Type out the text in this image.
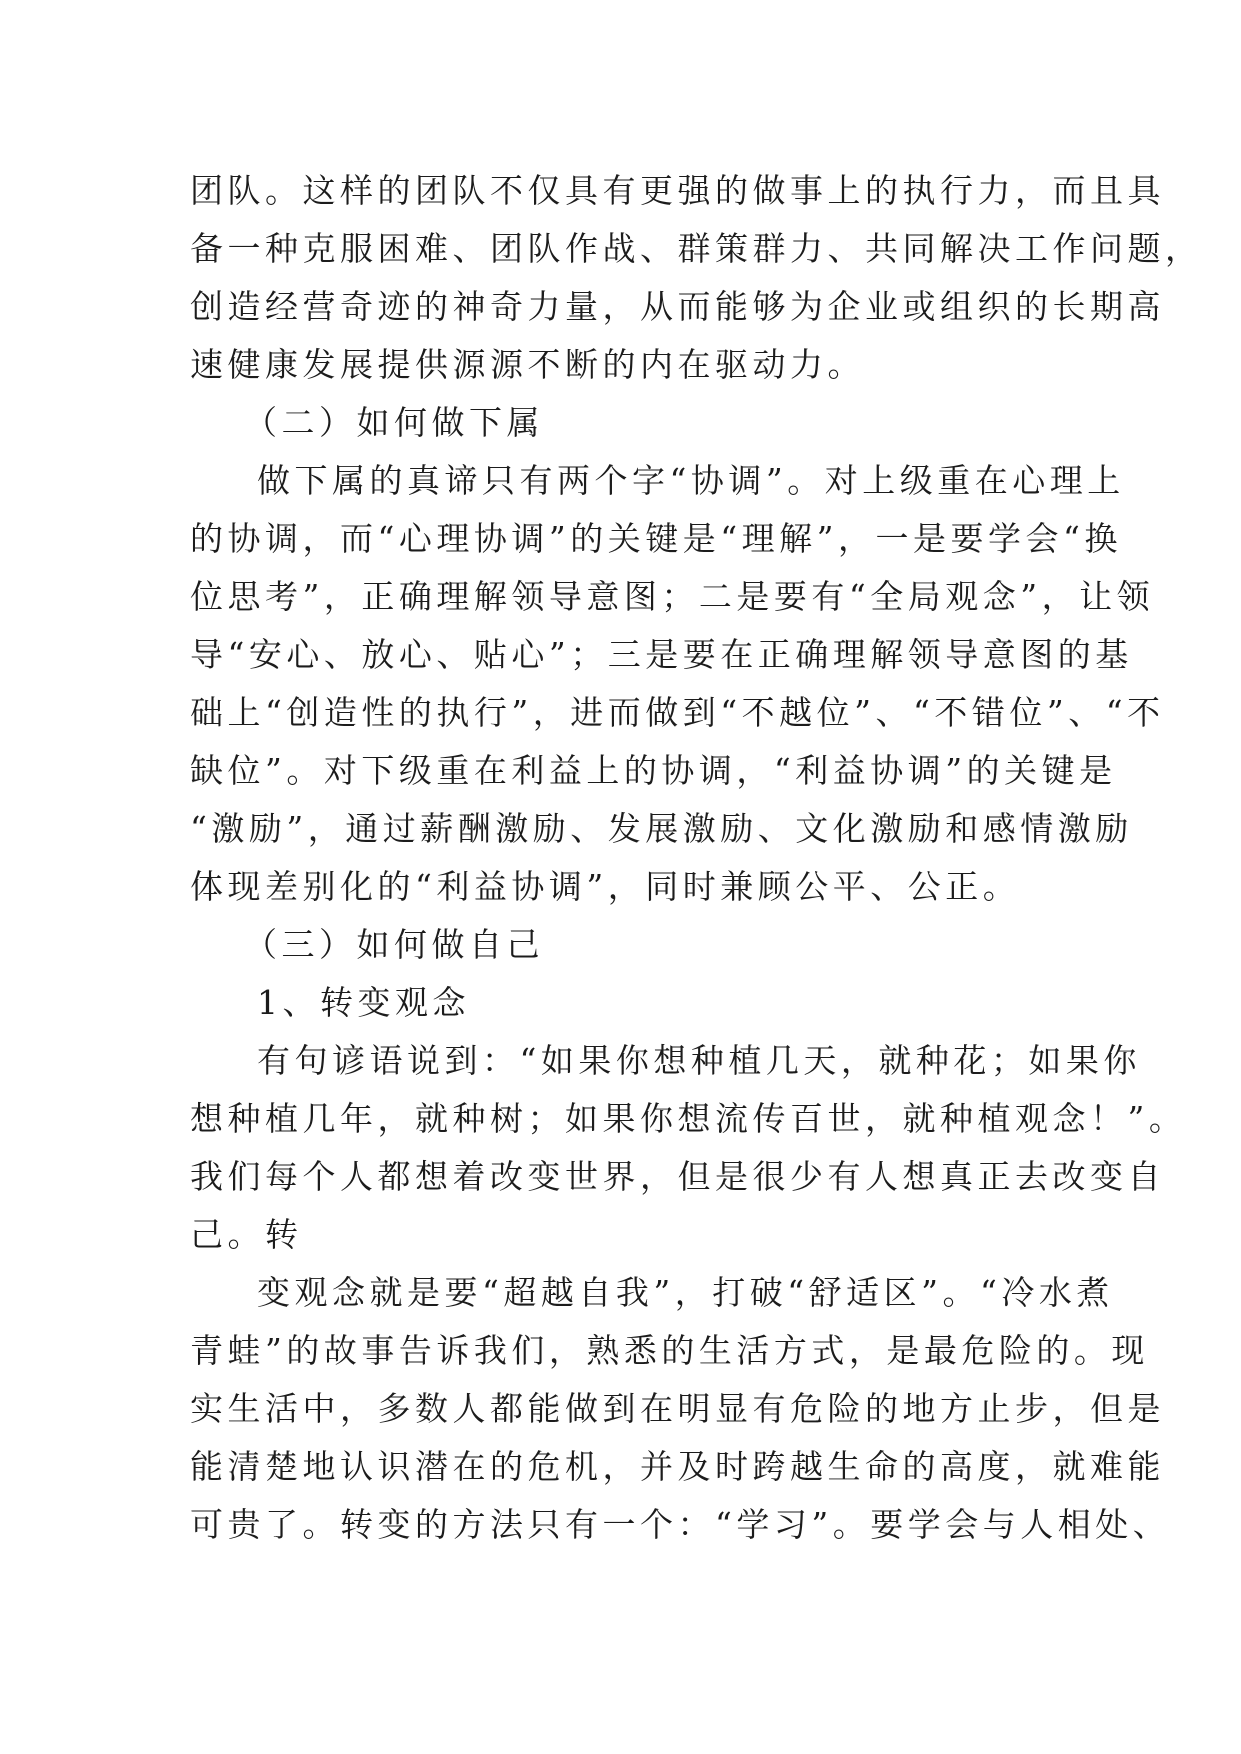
团队。这样的团队不仅具有更强的做事上的执行力，而且具
备一种克服困难、团队作战、群策群力、共同解决工作问题，
创造经营奇迹的神奇力量，从而能够为企业或组织的长期高
速健康发展提供源源不断的内在驱动力。
（二）如何做下属
做下属的真谛只有两个字“协调”。对上级重在心理上
的协调，而“心理协调”的关键是“理解”，一是要学会“换
位思考”，正确理解领导意图；二是要有“全局观念”，让领
导“安心、放心、贴心”；三是要在正确理解领导意图的基
础上“创造性的执行”，进而做到“不越位”、“不错位”、“不
缺位”。对下级重在利益上的协调，“利益协调”的关键是
“激励”，通过薪酬激励、发展激励、文化激励和感情激励
体现差别化的“利益协调”，同时兼顾公平、公正。
（三）如何做自己
1、转变观念
有句谚语说到：“如果你想种植几天，就种花；如果你
想种植几年，就种树；如果你想流传百世，就种植观念！”。
我们每个人都想着改变世界，但是很少有人想真正去改变自
己。转
变观念就是要“超越自我”，打破“舒适区”。“冷水煮
青蛙”的故事告诉我们，熟悉的生活方式，是最危险的。现
实生活中，多数人都能做到在明显有危险的地方止步，但是
能清楚地认识潜在的危机，并及时跨越生命的高度，就难能
可贵了。转变的方法只有一个：“学习”。要学会与人相处、
